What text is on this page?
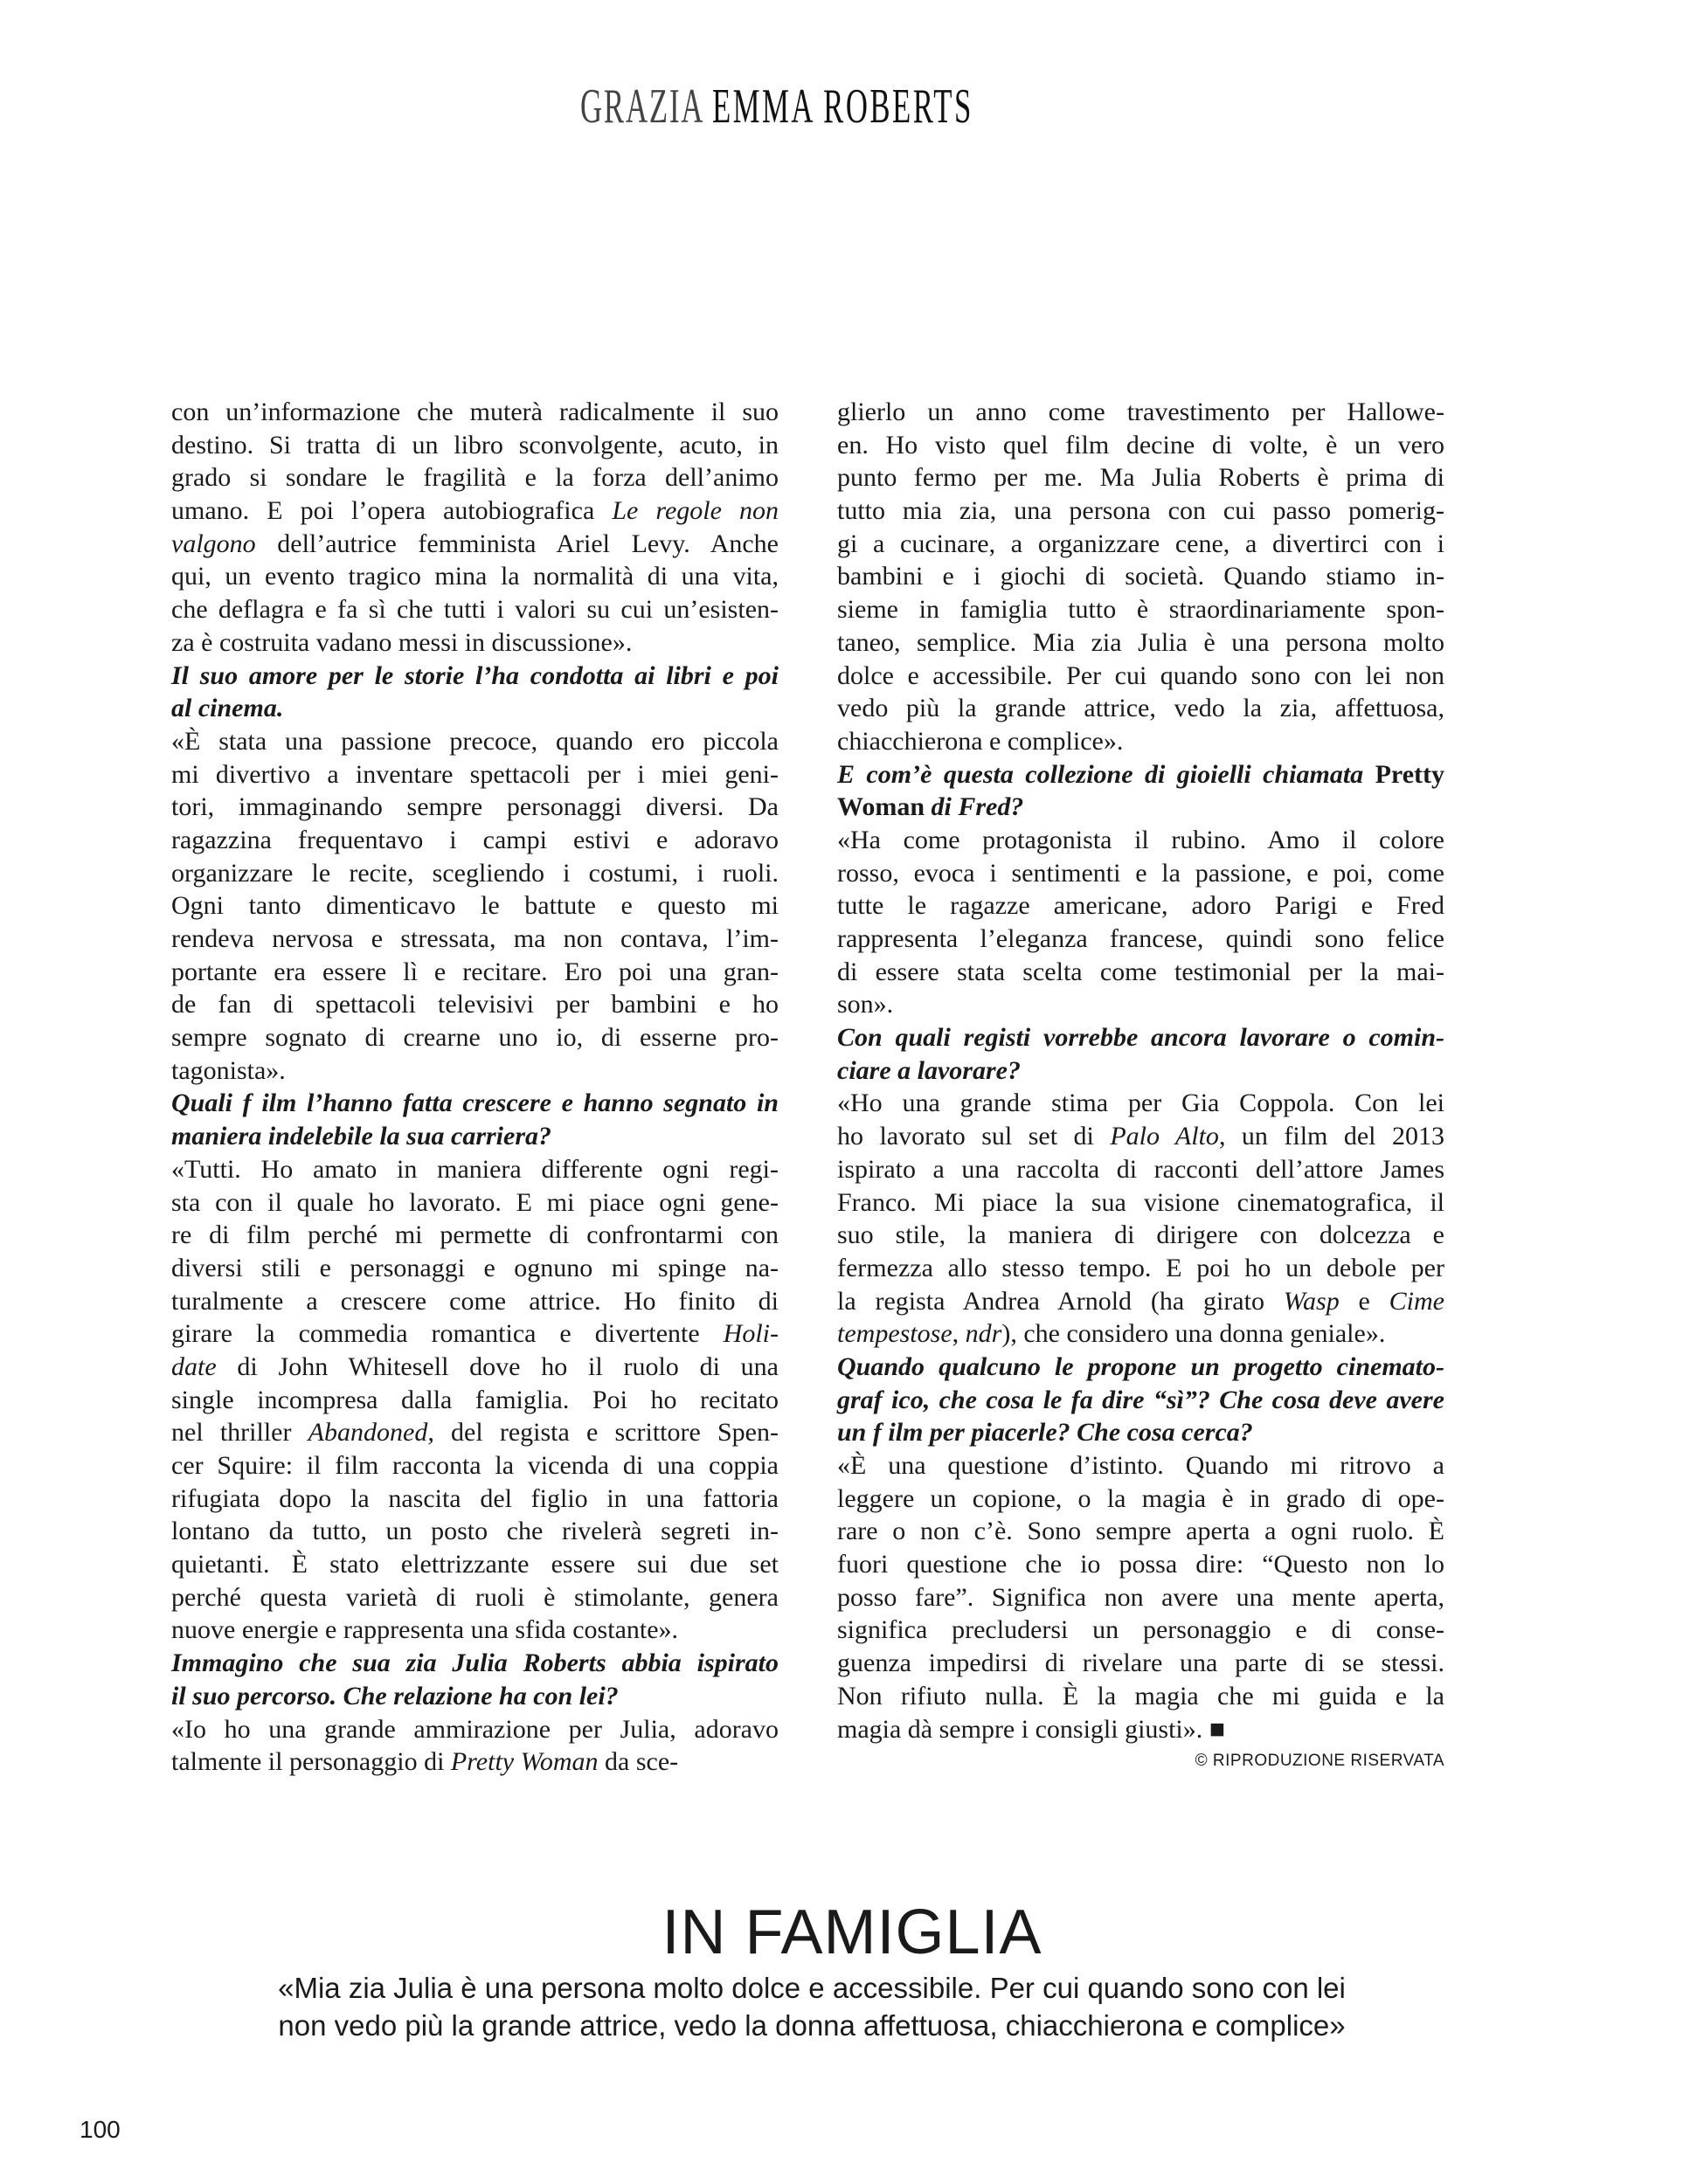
GRAZIA EMMA ROBERTS
con un’informazione che muterà radicalmente il suo
destino. Si tratta di un libro sconvolgente, acuto, in
grado si sondare le fragilità e la forza dell’animo
umano. E poi l’opera autobiografica Le regole non
valgono dell’autrice femminista Ariel Levy. Anche
qui, un evento tragico mina la normalità di una vita,
che deflagra e fa sì che tutti i valori su cui un’esisten-
za è costruita vadano messi in discussione».
Il suo amore per le storie l’ha condotta ai libri e poi
al cinema.
«È stata una passione precoce, quando ero piccola
mi divertivo a inventare spettacoli per i miei geni-
tori, immaginando sempre personaggi diversi. Da
ragazzina frequentavo i campi estivi e adoravo
organizzare le recite, scegliendo i costumi, i ruoli.
Ogni tanto dimenticavo le battute e questo mi
rendeva nervosa e stressata, ma non contava, l’im-
portante era essere lì e recitare. Ero poi una gran-
de fan di spettacoli televisivi per bambini e ho
sempre sognato di crearne uno io, di esserne pro-
tagonista».
Quali f ilm l’hanno fatta crescere e hanno segnato in
maniera indelebile la sua carriera?
«Tutti. Ho amato in maniera differente ogni regi-
sta con il quale ho lavorato. E mi piace ogni gene-
re di film perché mi permette di confrontarmi con
diversi stili e personaggi e ognuno mi spinge na-
turalmente a crescere come attrice. Ho finito di
girare la commedia romantica e divertente Holi-
date di John Whitesell dove ho il ruolo di una
single incompresa dalla famiglia. Poi ho recitato
nel thriller Abandoned, del regista e scrittore Spen-
cer Squire: il film racconta la vicenda di una coppia
rifugiata dopo la nascita del figlio in una fattoria
lontano da tutto, un posto che rivelerà segreti in-
quietanti. È stato elettrizzante essere sui due set
perché questa varietà di ruoli è stimolante, genera
nuove energie e rappresenta una sfida costante».
Immagino che sua zia Julia Roberts abbia ispirato
il suo percorso. Che relazione ha con lei?
«Io ho una grande ammirazione per Julia, adoravo
talmente il personaggio di Pretty Woman da sce-
glierlo un anno come travestimento per Hallowe-
en. Ho visto quel film decine di volte, è un vero
punto fermo per me. Ma Julia Roberts è prima di
tutto mia zia, una persona con cui passo pomerig-
gi a cucinare, a organizzare cene, a divertirci con i
bambini e i giochi di società. Quando stiamo in-
sieme in famiglia tutto è straordinariamente spon-
taneo, semplice. Mia zia Julia è una persona molto
dolce e accessibile. Per cui quando sono con lei non
vedo più la grande attrice, vedo la zia, affettuosa,
chiacchierona e complice».
E com’è questa collezione di gioielli chiamata Pretty
Woman di Fred?
«Ha come protagonista il rubino. Amo il colore
rosso, evoca i sentimenti e la passione, e poi, come
tutte le ragazze americane, adoro Parigi e Fred
rappresenta l’eleganza francese, quindi sono felice
di essere stata scelta come testimonial per la mai-
son».
Con quali registi vorrebbe ancora lavorare o comin-
ciare a lavorare?
«Ho una grande stima per Gia Coppola. Con lei
ho lavorato sul set di Palo Alto, un film del 2013
ispirato a una raccolta di racconti dell’attore James
Franco. Mi piace la sua visione cinematografica, il
suo stile, la maniera di dirigere con dolcezza e
fermezza allo stesso tempo. E poi ho un debole per
la regista Andrea Arnold (ha girato Wasp e Cime
tempestose, ndr), che considero una donna geniale».
Quando qualcuno le propone un progetto cinemato-
graf ico, che cosa le fa dire “sì”? Che cosa deve avere
un f ilm per piacerle? Che cosa cerca?
«È una questione d’istinto. Quando mi ritrovo a
leggere un copione, o la magia è in grado di ope-
rare o non c’è. Sono sempre aperta a ogni ruolo. È
fuori questione che io possa dire: “Questo non lo
posso fare”. Significa non avere una mente aperta,
significa precludersi un personaggio e di conse-
guenza impedirsi di rivelare una parte di se stessi.
Non rifiuto nulla. È la magia che mi guida e la
magia dà sempre i consigli giusti». ■
© RIPRODUZIONE RISERVATA
IN FAMIGLIA
«Mia zia Julia è una persona molto dolce e accessibile. Per cui quando sono con lei
non vedo più la grande attrice, vedo la donna affettuosa, chiacchierona e complice»
100
